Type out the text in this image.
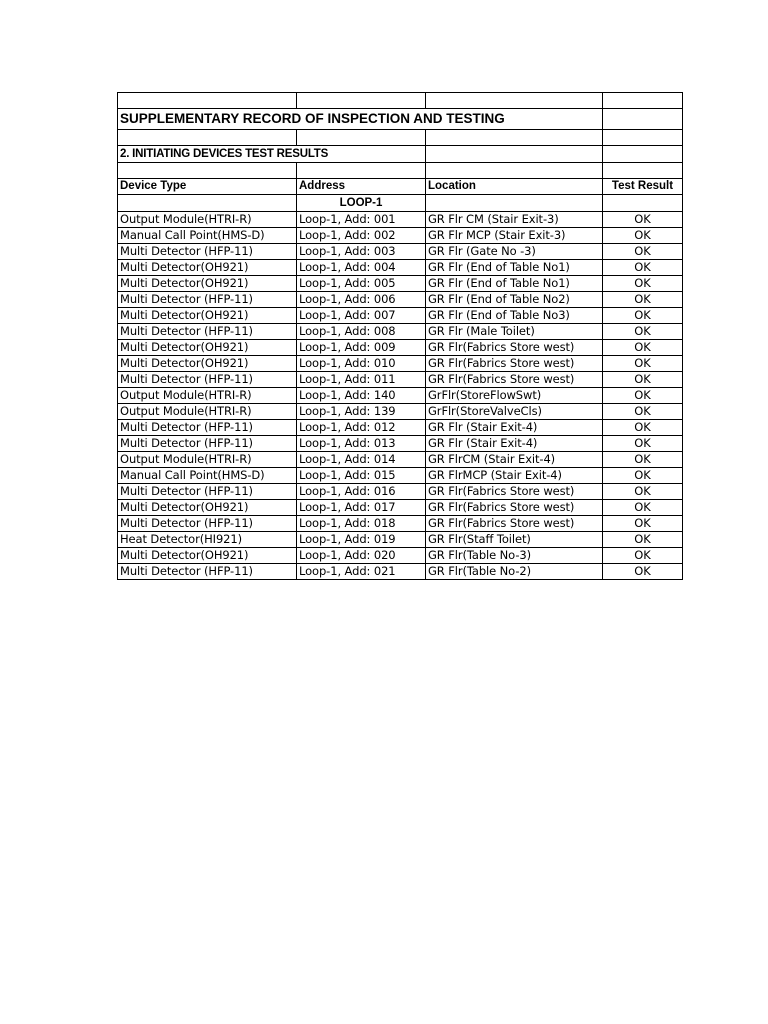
SUPPLEMENTARY RECORD OF INSPECTION AND TESTING			

2. INITIATING DEVICES TEST RESULTS			

Device Type	Address	Location	Test Result
	LOOP-1		
Output Module(HTRI-R)	Loop-1, Add: 001	GR Flr CM (Stair Exit-3)	OK
Manual Call Point(HMS-D)	Loop-1, Add: 002	GR Flr MCP (Stair Exit-3)	OK
Multi Detector (HFP-11)	Loop-1, Add: 003	GR Flr (Gate No -3)	OK
Multi Detector(OH921)	Loop-1, Add: 004	GR Flr (End of Table No1)	OK
Multi Detector(OH921)	Loop-1, Add: 005	GR Flr (End of Table No1)	OK
Multi Detector (HFP-11)	Loop-1, Add: 006	GR Flr (End of Table No2)	OK
Multi Detector(OH921)	Loop-1, Add: 007	GR Flr (End of Table No3)	OK
Multi Detector (HFP-11)	Loop-1, Add: 008	GR Flr (Male Toilet)	OK
Multi Detector(OH921)	Loop-1, Add: 009	GR Flr(Fabrics Store west)	OK
Multi Detector(OH921)	Loop-1, Add: 010	GR Flr(Fabrics Store west)	OK
Multi Detector (HFP-11)	Loop-1, Add: 011	GR Flr(Fabrics Store west)	OK
Output Module(HTRI-R)	Loop-1, Add: 140	GrFlr(StoreFlowSwt)	OK
Output Module(HTRI-R)	Loop-1, Add: 139	GrFlr(StoreValveCls)	OK
Multi Detector (HFP-11)	Loop-1, Add: 012	GR Flr (Stair Exit-4)	OK
Multi Detector (HFP-11)	Loop-1, Add: 013	GR Flr (Stair Exit-4)	OK
Output Module(HTRI-R)	Loop-1, Add: 014	GR FlrCM (Stair Exit-4)	OK
Manual Call Point(HMS-D)	Loop-1, Add: 015	GR FlrMCP (Stair Exit-4)	OK
Multi Detector (HFP-11)	Loop-1, Add: 016	GR Flr(Fabrics Store west)	OK
Multi Detector(OH921)	Loop-1, Add: 017	GR Flr(Fabrics Store west)	OK
Multi Detector (HFP-11)	Loop-1, Add: 018	GR Flr(Fabrics Store west)	OK
Heat Detector(HI921)	Loop-1, Add: 019	GR Flr(Staff Toilet)	OK
Multi Detector(OH921)	Loop-1, Add: 020	GR Flr(Table No-3)	OK
Multi Detector (HFP-11)	Loop-1, Add: 021	GR Flr(Table No-2)	OK
